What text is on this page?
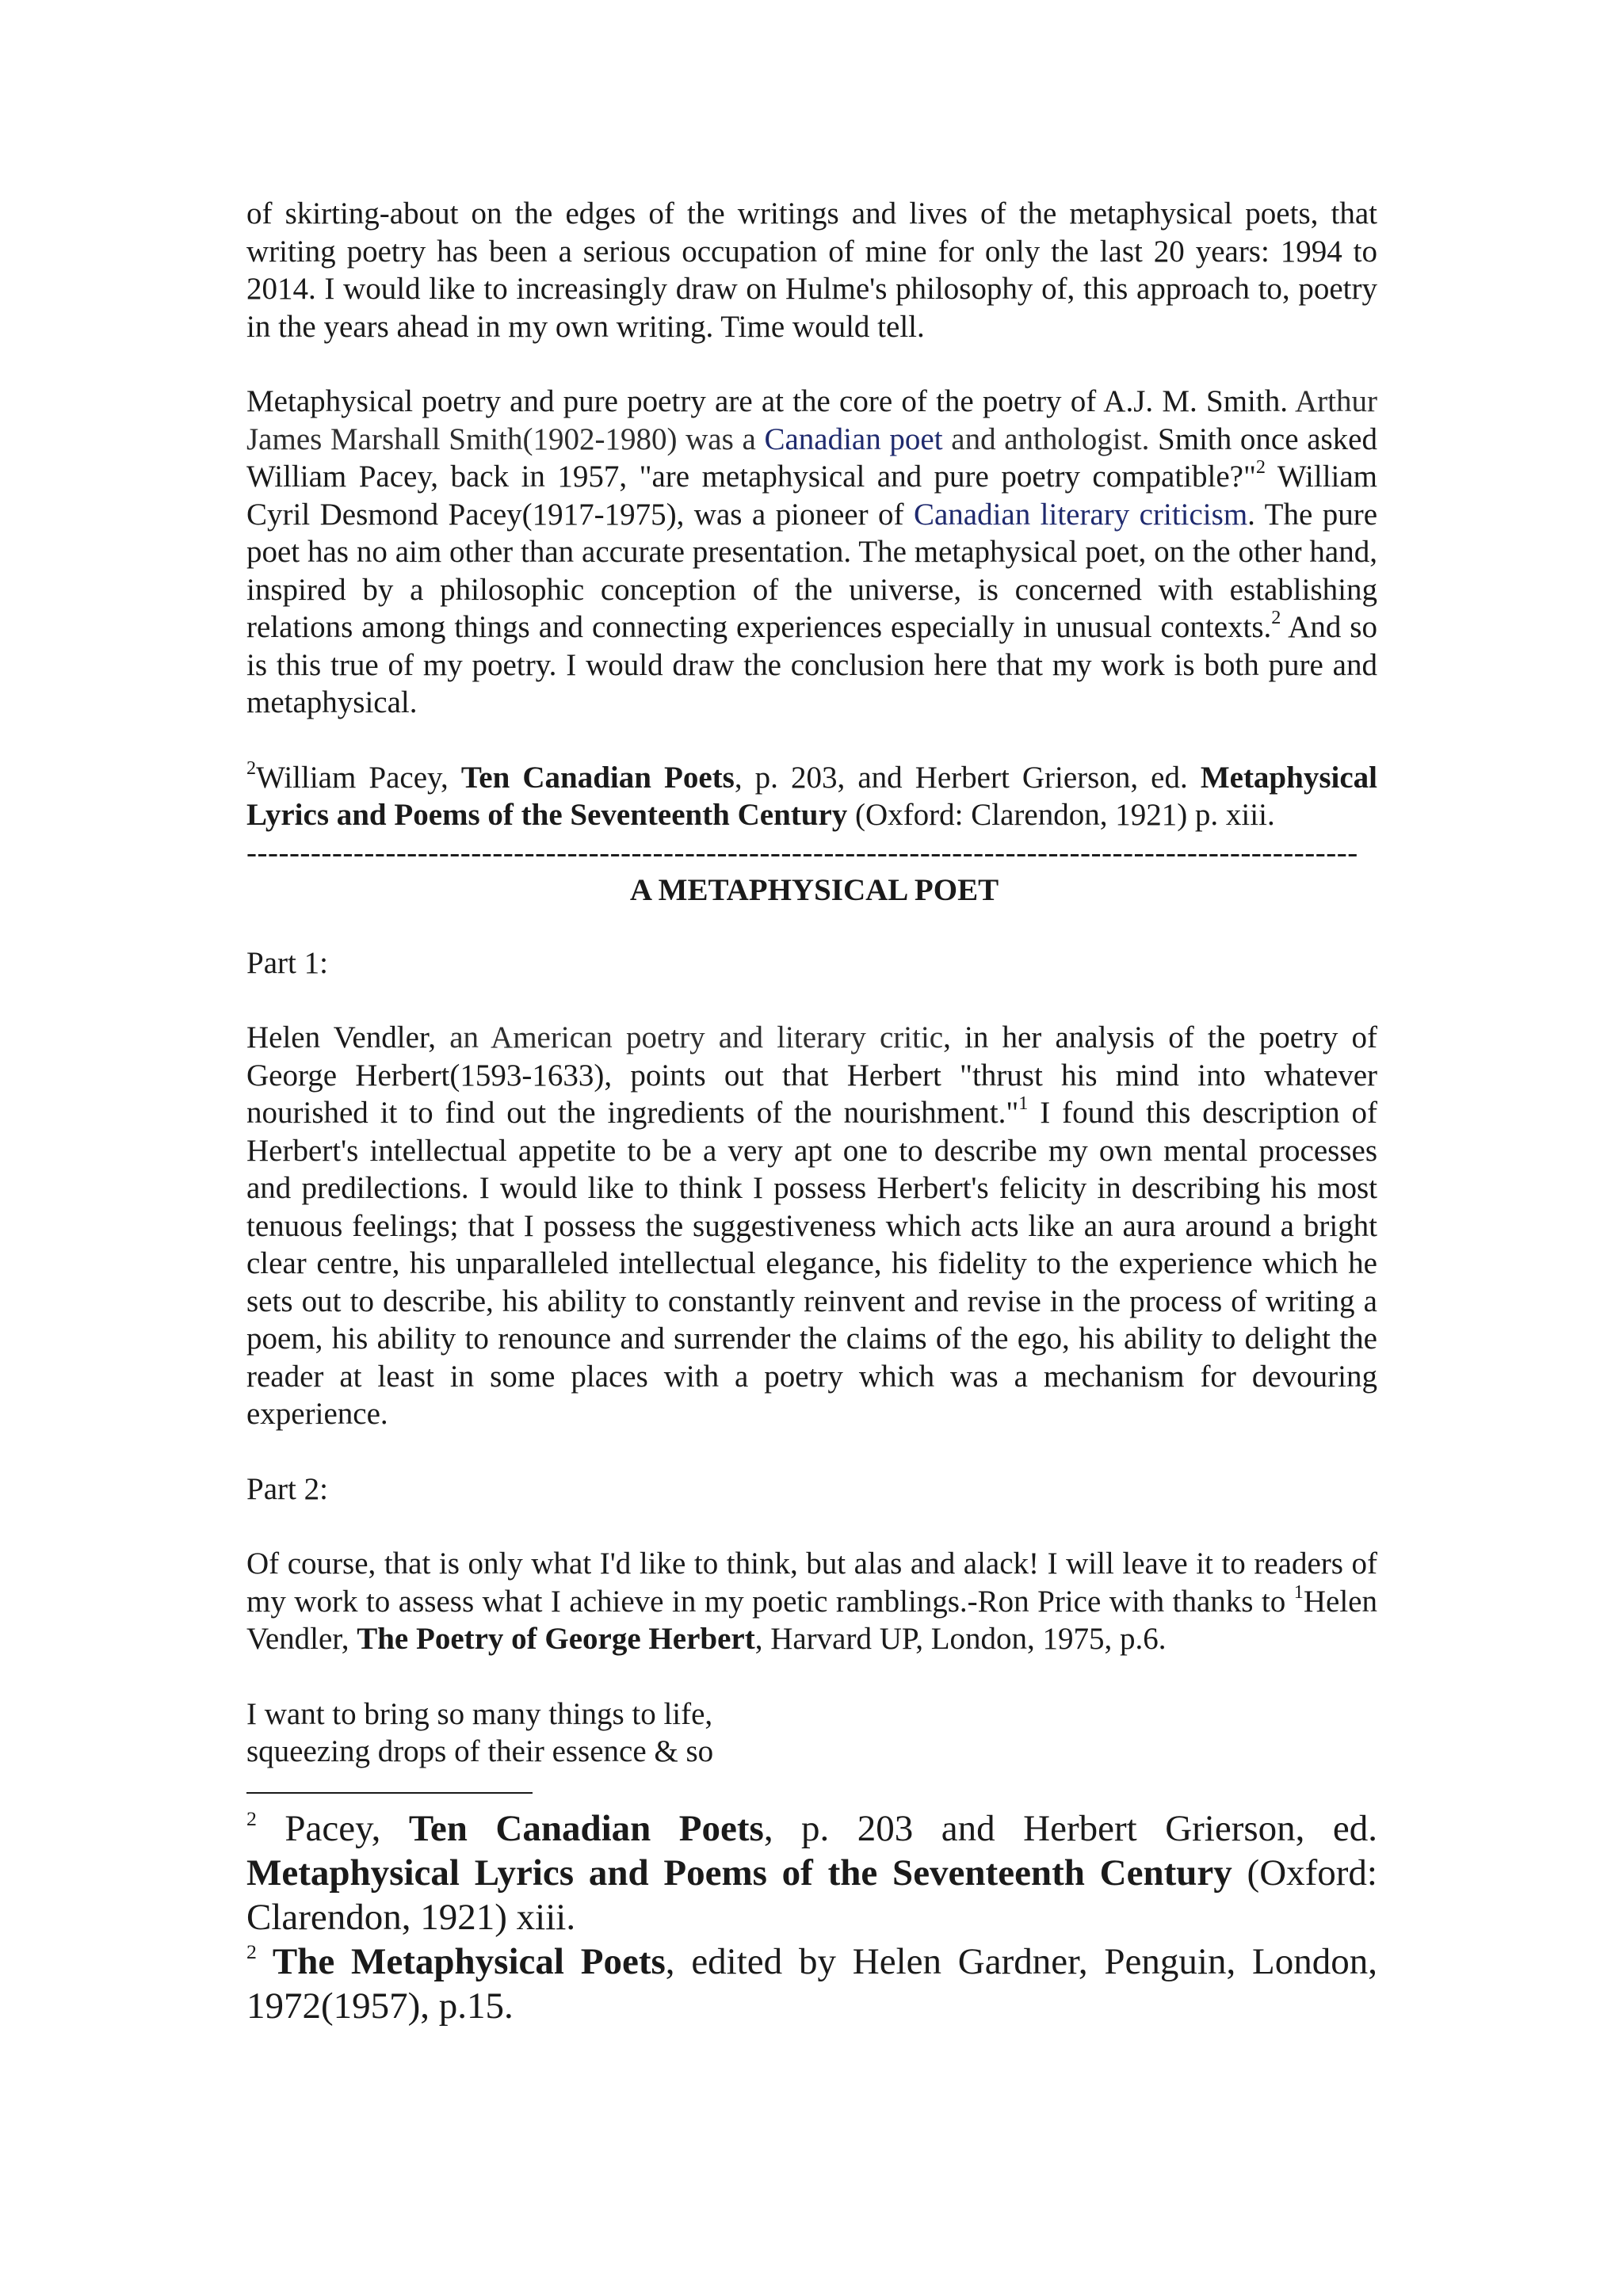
of skirting-about on the edges of the writings and lives of the metaphysical poets, that writing poetry has been a serious occupation of mine for only the last 20 years: 1994 to 2014. I would like to increasingly draw on Hulme's philosophy of, this approach to, poetry in the years ahead in my own writing. Time would tell.

Metaphysical poetry and pure poetry are at the core of the poetry of A.J. M. Smith. Arthur James Marshall Smith(1902-1980) was a Canadian poet and anthologist. Smith once asked William Pacey, back in 1957, "are metaphysical and pure poetry compatible?"$^2$ William Cyril Desmond Pacey(1917-1975), was a pioneer of Canadian literary criticism. The pure poet has no aim other than accurate presentation. The metaphysical poet, on the other hand, inspired by a philosophic conception of the universe, is concerned with establishing relations among things and connecting experiences especially in unusual contexts.$^2$ And so is this true of my poetry. I would draw the conclusion here that my work is both pure and metaphysical.

$^2$William Pacey, Ten Canadian Poets, p. 203, and Herbert Grierson, ed. Metaphysical Lyrics and Poems of the Seventeenth Century (Oxford: Clarendon, 1921) p. xiii.

--------------------------------------------------------------------------------------------------------

A METAPHYSICAL POET

Part 1:

Helen Vendler, an American poetry and literary critic, in her analysis of the poetry of George Herbert(1593-1633), points out that Herbert "thrust his mind into whatever nourished it to find out the ingredients of the nourishment."$^1$ I found this description of Herbert's intellectual appetite to be a very apt one to describe my own mental processes and predilections. I would like to think I possess Herbert's felicity in describing his most tenuous feelings; that I possess the suggestiveness which acts like an aura around a bright clear centre, his unparalleled intellectual elegance, his fidelity to the experience which he sets out to describe, his ability to constantly reinvent and revise in the process of writing a poem, his ability to renounce and surrender the claims of the ego, his ability to delight the reader at least in some places with a poetry which was a mechanism for devouring experience.

Part 2:

Of course, that is only what I'd like to think, but alas and alack! I will leave it to readers of my work to assess what I achieve in my poetic ramblings.-Ron Price with thanks to $^1$Helen Vendler, The Poetry of George Herbert, Harvard UP, London, 1975, p.6.

I want to bring so many things to life,
squeezing drops of their essence & so

$^2$ Pacey, Ten Canadian Poets, p. 203 and Herbert Grierson, ed. Metaphysical Lyrics and Poems of the Seventeenth Century (Oxford: Clarendon, 1921) xiii.

$^2$ The Metaphysical Poets, edited by Helen Gardner, Penguin, London, 1972(1957), p.15.
